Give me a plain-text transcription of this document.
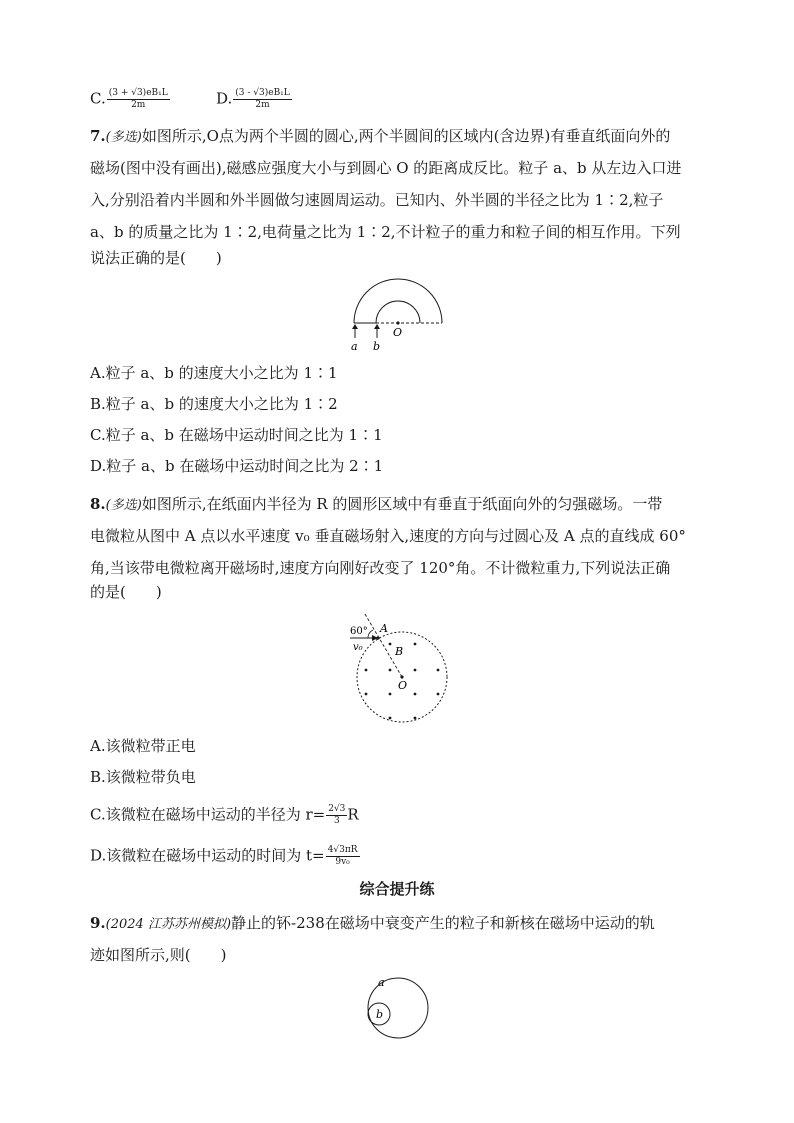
C. $\frac{\text{(3 + √3)eB₁L}}{2m}$	D. $\frac{\text{(3 - √3)eB₁L}}{2m}$
7.(多选)如图所示,O点为两个半圆的圆心,两个半圆间的区域内(含边界)有垂直纸面向外的
磁场(图中没有画出),磁感应强度大小与到圆心 O 的距离成反比。粒子 a、b 从左边入口进
入,分别沿着内半圆和外半圆做匀速圆周运动。已知内、外半圆的半径之比为 1∶2,粒子
a、b 的质量之比为 1∶2,电荷量之比为 1∶2,不计粒子的重力和粒子间的相互作用。下列
说法正确的是(　　)
O
a b
A.粒子 a、b 的速度大小之比为 1∶1
B.粒子 a、b 的速度大小之比为 1∶2
C.粒子 a、b 在磁场中运动时间之比为 1∶1
D.粒子 a、b 在磁场中运动时间之比为 2∶1
8.(多选)如图所示,在纸面内半径为 R 的圆形区域中有垂直于纸面向外的匀强磁场。一带
电微粒从图中 A 点以水平速度 v₀ 垂直磁场射入,速度的方向与过圆心及 A 点的直线成 60°
角,当该带电微粒离开磁场时,速度方向刚好改变了 120°角。不计微粒重力,下列说法正确
的是(　　)
60° A
v₀	B
O
A.该微粒带正电
B.该微粒带负电
C.该微粒在磁场中运动的半径为 $r= \frac{2√3}{3}$ R
D.该微粒在磁场中运动的时间为 $t= \frac{4√3\pi R}{\text{9v₀}}$
综合提升练
9.(2024 江苏苏州模拟)静止的钚-238在磁场中衰变产生的粒子和新核在磁场中运动的轨
迹如图所示,则(　　)
a
b
